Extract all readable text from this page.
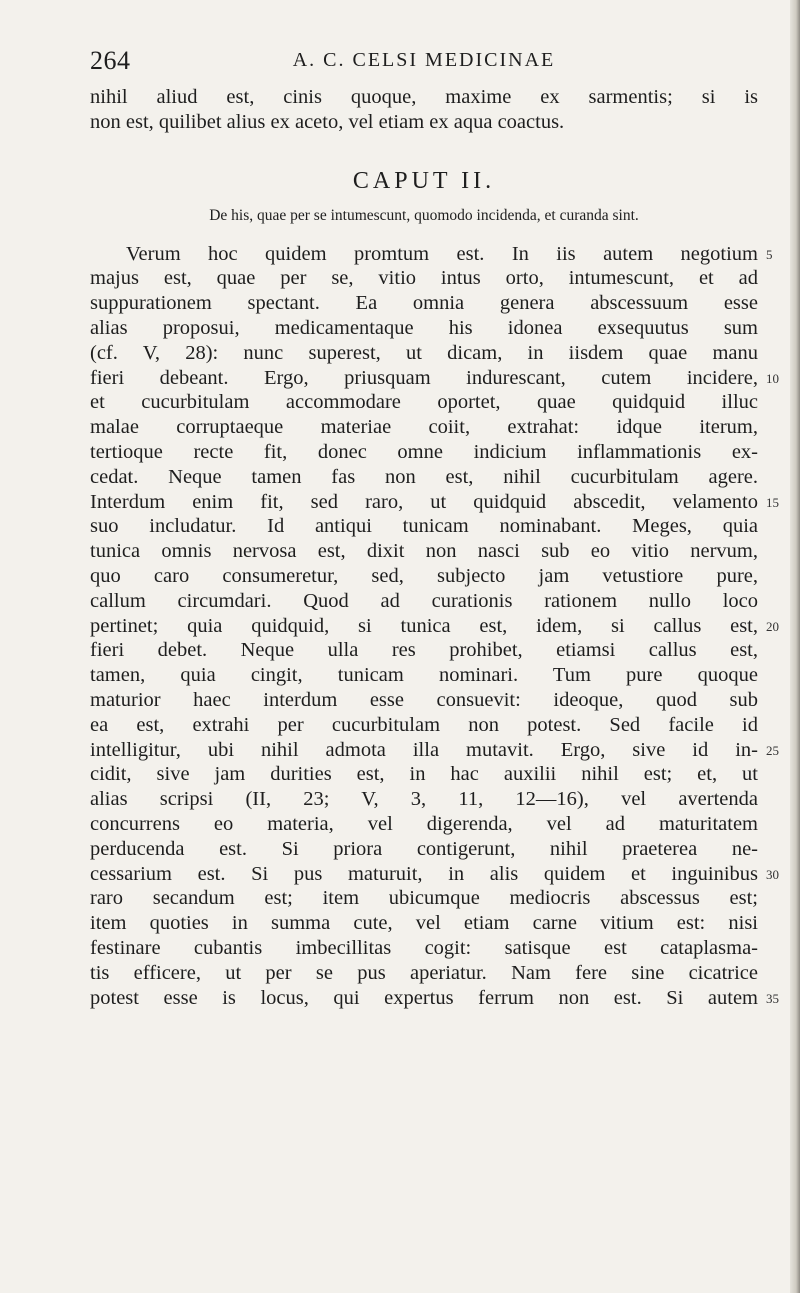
264	A. C. CELSI MEDICINAE
nihil aliud est, cinis quoque, maxime ex sarmentis; si is
non est, quilibet alius ex aceto, vel etiam ex aqua coactus.
CAPUT II.
De his, quae per se intumescunt, quomodo incidenda, et curanda sint.
Verum hoc quidem promtum est. In iis autem negotium 5
majus est, quae per se, vitio intus orto, intumescunt, et ad
suppurationem spectant. Ea omnia genera abscessuum esse
alias proposui, medicamentaque his idonea exsequutus sum
(cf. V, 28): nunc superest, ut dicam, in iisdem quae manu
fieri debeant. Ergo, priusquam indurescant, cutem incidere, 10
et cucurbitulam accommodare oportet, quae quidquid illuc
malae corruptaeque materiae coiit, extrahat: idque iterum,
tertioque recte fit, donec omne indicium inflammationis ex-
cedat. Neque tamen fas non est, nihil cucurbitulam agere.
Interdum enim fit, sed raro, ut quidquid abscedit, velamento 15
suo includatur. Id antiqui tunicam nominabant. Meges, quia
tunica omnis nervosa est, dixit non nasci sub eo vitio nervum,
quo caro consumeretur, sed, subjecto jam vetustiore pure,
callum circumdari. Quod ad curationis rationem nullo loco
pertinet; quia quidquid, si tunica est, idem, si callus est, 20
fieri debet. Neque ulla res prohibet, etiamsi callus est,
tamen, quia cingit, tunicam nominari. Tum pure quoque
maturior haec interdum esse consuevit: ideoque, quod sub
ea est, extrahi per cucurbitulam non potest. Sed facile id
intelligitur, ubi nihil admota illa mutavit. Ergo, sive id in- 25
cidit, sive jam durities est, in hac auxilii nihil est; et, ut
alias scripsi (II, 23; V, 3, 11, 12—16), vel avertenda
concurrens eo materia, vel digerenda, vel ad maturitatem
perducenda est. Si priora contigerunt, nihil praeterea ne-
cessarium est. Si pus maturuit, in alis quidem et inguinibus 30
raro secandum est; item ubicumque mediocris abscessus est;
item quoties in summa cute, vel etiam carne vitium est: nisi
festinare cubantis imbecillitas cogit: satisque est cataplasma-
tis efficere, ut per se pus aperiatur. Nam fere sine cicatrice
potest esse is locus, qui expertus ferrum non est. Si autem 35
